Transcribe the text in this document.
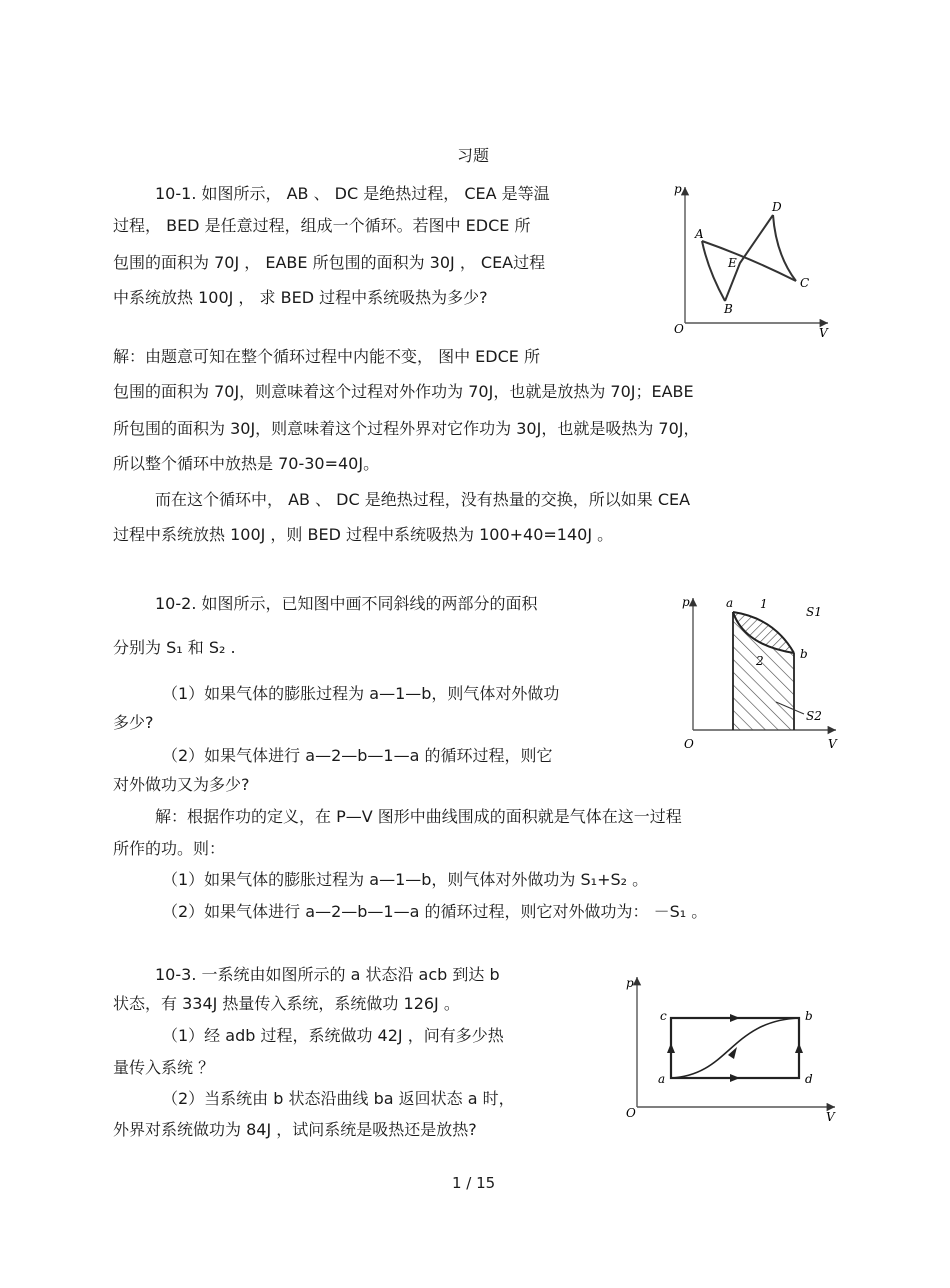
习题
10-1. 如图所示， AB 、 DC 是绝热过程， CEA 是等温
过程， BED 是任意过程，组成一个循环。若图中 EDCE 所
包围的面积为 70J ， EABE 所包围的面积为 30J ， CEA过程
中系统放热 100J ， 求 BED 过程中系统吸热为多少?
解：由题意可知在整个循环过程中内能不变， 图中 EDCE 所
包围的面积为 70J，则意味着这个过程对外作功为 70J，也就是放热为 70J；EABE
所包围的面积为 30J，则意味着这个过程外界对它作功为 30J，也就是吸热为 70J，
所以整个循环中放热是 70-30=40J。
而在这个循环中， AB 、 DC 是绝热过程，没有热量的交换，所以如果 CEA
过程中系统放热 100J ，则 BED 过程中系统吸热为 100+40=140J 。
10-2. 如图所示，已知图中画不同斜线的两部分的面积
分别为 S₁ 和 S₂ .
（1）如果气体的膨胀过程为 a—1—b，则气体对外做功
多少?
（2）如果气体进行 a—2—b—1—a 的循环过程，则它
对外做功又为多少?
解：根据作功的定义，在 P—V 图形中曲线围成的面积就是气体在这一过程
所作的功。则：
（1）如果气体的膨胀过程为 a—1—b，则气体对外做功为 S₁+S₂ 。
（2）如果气体进行 a—2—b—1—a 的循环过程，则它对外做功为： －S₁ 。
10-3. 一系统由如图所示的 a 状态沿 acb 到达 b
状态，有 334J 热量传入系统，系统做功 126J 。
（1）经 adb 过程，系统做功 42J ，问有多少热
量传入系统 ？
（2）当系统由 b 状态沿曲线 ba 返回状态 a 时，
外界对系统做功为 84J ，试问系统是吸热还是放热?
p
V
O
A
B
C
D
E
p
V
O
a
b
1
2
S1
S2
p
V
O
a
b
c
d
1 / 15
